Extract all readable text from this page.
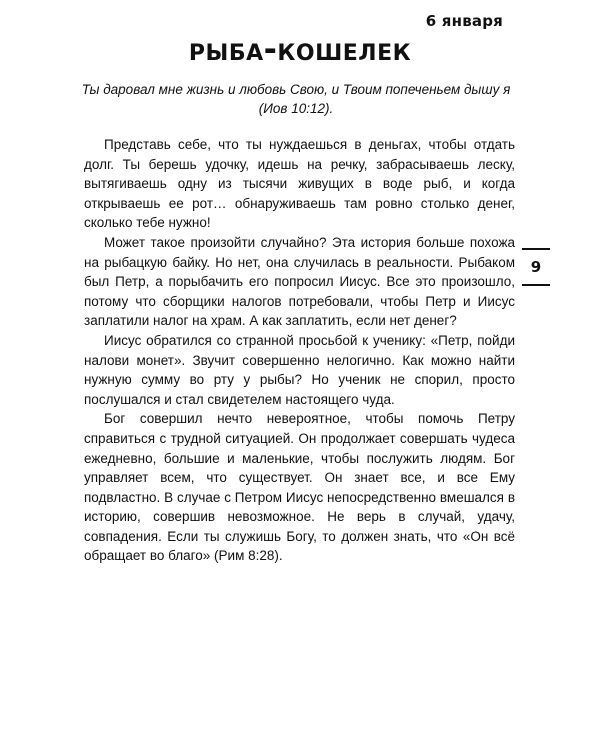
6 января
рыба-кошелек
Ты даровал мне жизнь и любовь Свою, и Твоим попеченьем дышу я (Иов 10:12).

Представь себе, что ты нуждаешься в деньгах, чтобы отдать долг. Ты берешь удочку, идешь на речку, забрасываешь леску, вытягиваешь одну из тысячи живущих в воде рыб, и когда открываешь ее рот… обнаруживаешь там ровно столько денег, сколько тебе нужно!

Может такое произойти случайно? Эта история больше похожа на рыбацкую байку. Но нет, она случилась в реальности. Рыбаком был Петр, а порыбачить его попросил Иисус. Все это произошло, потому что сборщики налогов потребовали, чтобы Петр и Иисус заплатили налог на храм. А как заплатить, если нет денег?

Иисус обратился со странной просьбой к ученику: «Петр, пойди налови монет». Звучит совершенно нелогично. Как можно найти нужную сумму во рту у рыбы? Но ученик не спорил, просто послушался и стал свидетелем настоящего чуда.

Бог совершил нечто невероятное, чтобы помочь Петру справиться с трудной ситуацией. Он продолжает совершать чудеса ежедневно, большие и маленькие, чтобы послужить людям. Бог управляет всем, что существует. Он знает все, и все Ему подвластно. В случае с Петром Иисус непосредственно вмешался в историю, совершив невозможное. Не верь в случай, удачу, совпадения. Если ты служишь Богу, то должен знать, что «Он всё обращает во благо» (Рим 8:28).

9
